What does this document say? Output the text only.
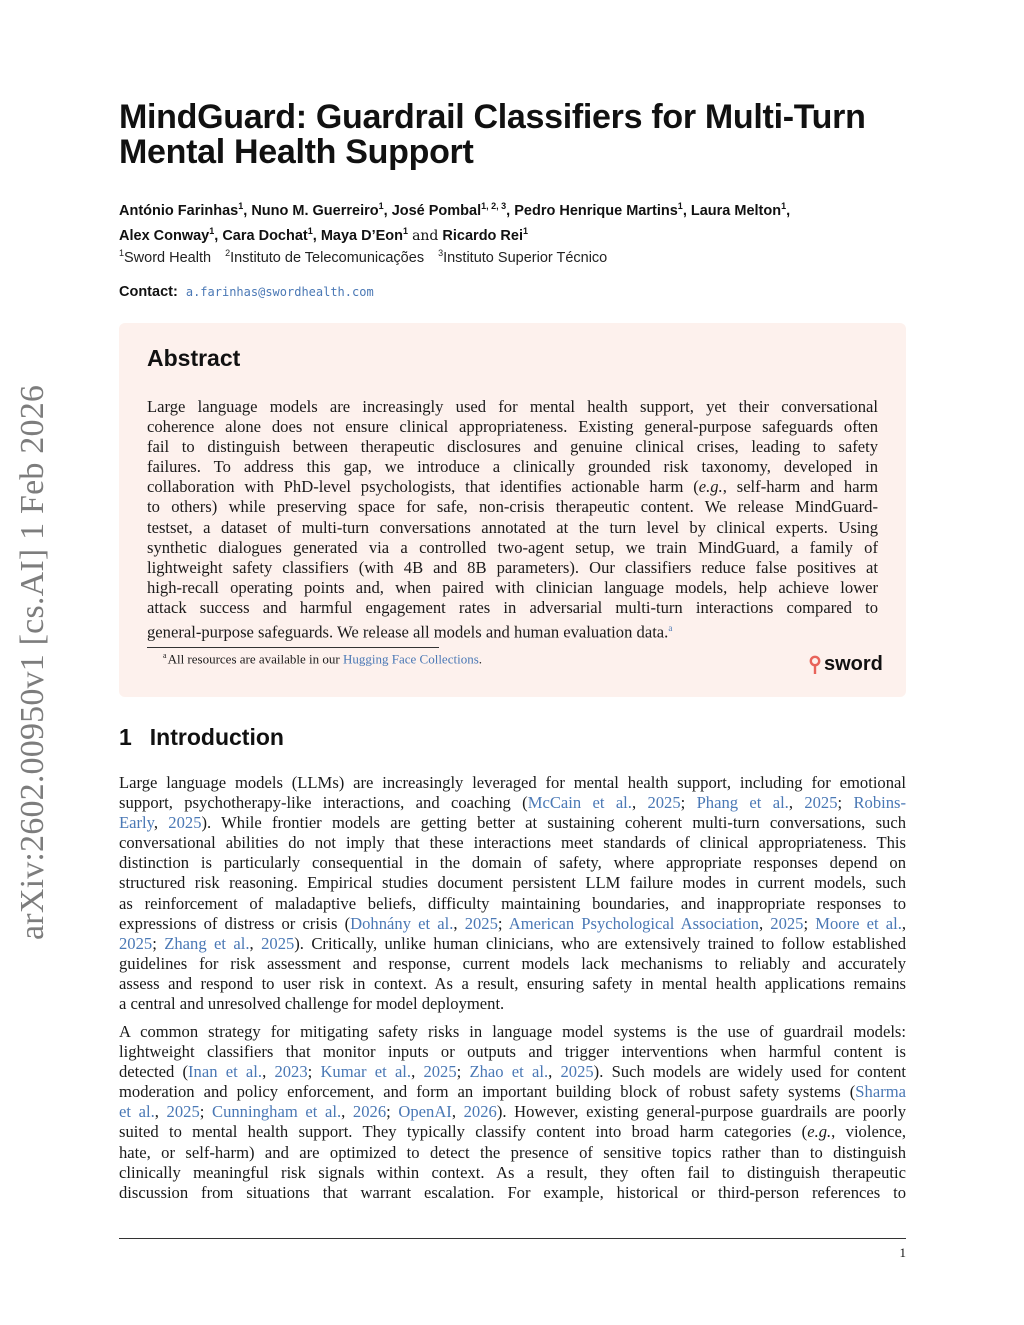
arXiv:2602.00950v1 [cs.AI] 1 Feb 2026
MindGuard: Guardrail Classifiers for Multi-Turn
Mental Health Support
António Farinhas$^1$, Nuno M. Guerreiro$^1$, José Pombal$^{1, 2, 3}$, Pedro Henrique Martins$^1$, Laura Melton$^1$,
Alex Conway$^1$, Cara Dochat$^1$, Maya D’Eon$^1$ and Ricardo Rei$^1$
$^1$Sword Health $^2$Instituto de Telecomunicações $^3$Instituto Superior Técnico
Contact: a.farinhas@swordhealth.com
Abstract

Large language models are increasingly used for mental health support, yet their conversational
coherence alone does not ensure clinical appropriateness. Existing general-purpose safeguards often
fail to distinguish between therapeutic disclosures and genuine clinical crises, leading to safety
failures. To address this gap, we introduce a clinically grounded risk taxonomy, developed in
collaboration with PhD-level psychologists, that identifies actionable harm (e.g., self-harm and harm
to others) while preserving space for safe, non-crisis therapeutic content. We release MindGuard-
testset, a dataset of multi-turn conversations annotated at the turn level by clinical experts. Using
synthetic dialogues generated via a controlled two-agent setup, we train MindGuard, a family of
lightweight safety classifiers (with 4B and 8B parameters). Our classifiers reduce false positives at
high-recall operating points and, when paired with clinician language models, help achieve lower
attack success and harmful engagement rates in adversarial multi-turn interactions compared to
general-purpose safeguards. We release all models and human evaluation data.$^a$

$^a$All resources are available in our Hugging Face Collections.	sword
1 Introduction

Large language models (LLMs) are increasingly leveraged for mental health support, including for emotional
support, psychotherapy-like interactions, and coaching (McCain et al., 2025; Phang et al., 2025; Robins-
Early, 2025). While frontier models are getting better at sustaining coherent multi-turn conversations, such
conversational abilities do not imply that these interactions meet standards of clinical appropriateness. This
distinction is particularly consequential in the domain of safety, where appropriate responses depend on
structured risk reasoning. Empirical studies document persistent LLM failure modes in current models, such
as reinforcement of maladaptive beliefs, difficulty maintaining boundaries, and inappropriate responses to
expressions of distress or crisis (Dohnány et al., 2025; American Psychological Association, 2025; Moore et al.,
2025; Zhang et al., 2025). Critically, unlike human clinicians, who are extensively trained to follow established
guidelines for risk assessment and response, current models lack mechanisms to reliably and accurately
assess and respond to user risk in context. As a result, ensuring safety in mental health applications remains
a central and unresolved challenge for model deployment.

A common strategy for mitigating safety risks in language model systems is the use of guardrail models:
lightweight classifiers that monitor inputs or outputs and trigger interventions when harmful content is
detected (Inan et al., 2023; Kumar et al., 2025; Zhao et al., 2025). Such models are widely used for content
moderation and policy enforcement, and form an important building block of robust safety systems (Sharma
et al., 2025; Cunningham et al., 2026; OpenAI, 2026). However, existing general-purpose guardrails are poorly
suited to mental health support. They typically classify content into broad harm categories (e.g., violence,
hate, or self-harm) and are optimized to detect the presence of sensitive topics rather than to distinguish
clinically meaningful risk signals within context. As a result, they often fail to distinguish therapeutic
discussion from situations that warrant escalation. For example, historical or third-person references to

1
